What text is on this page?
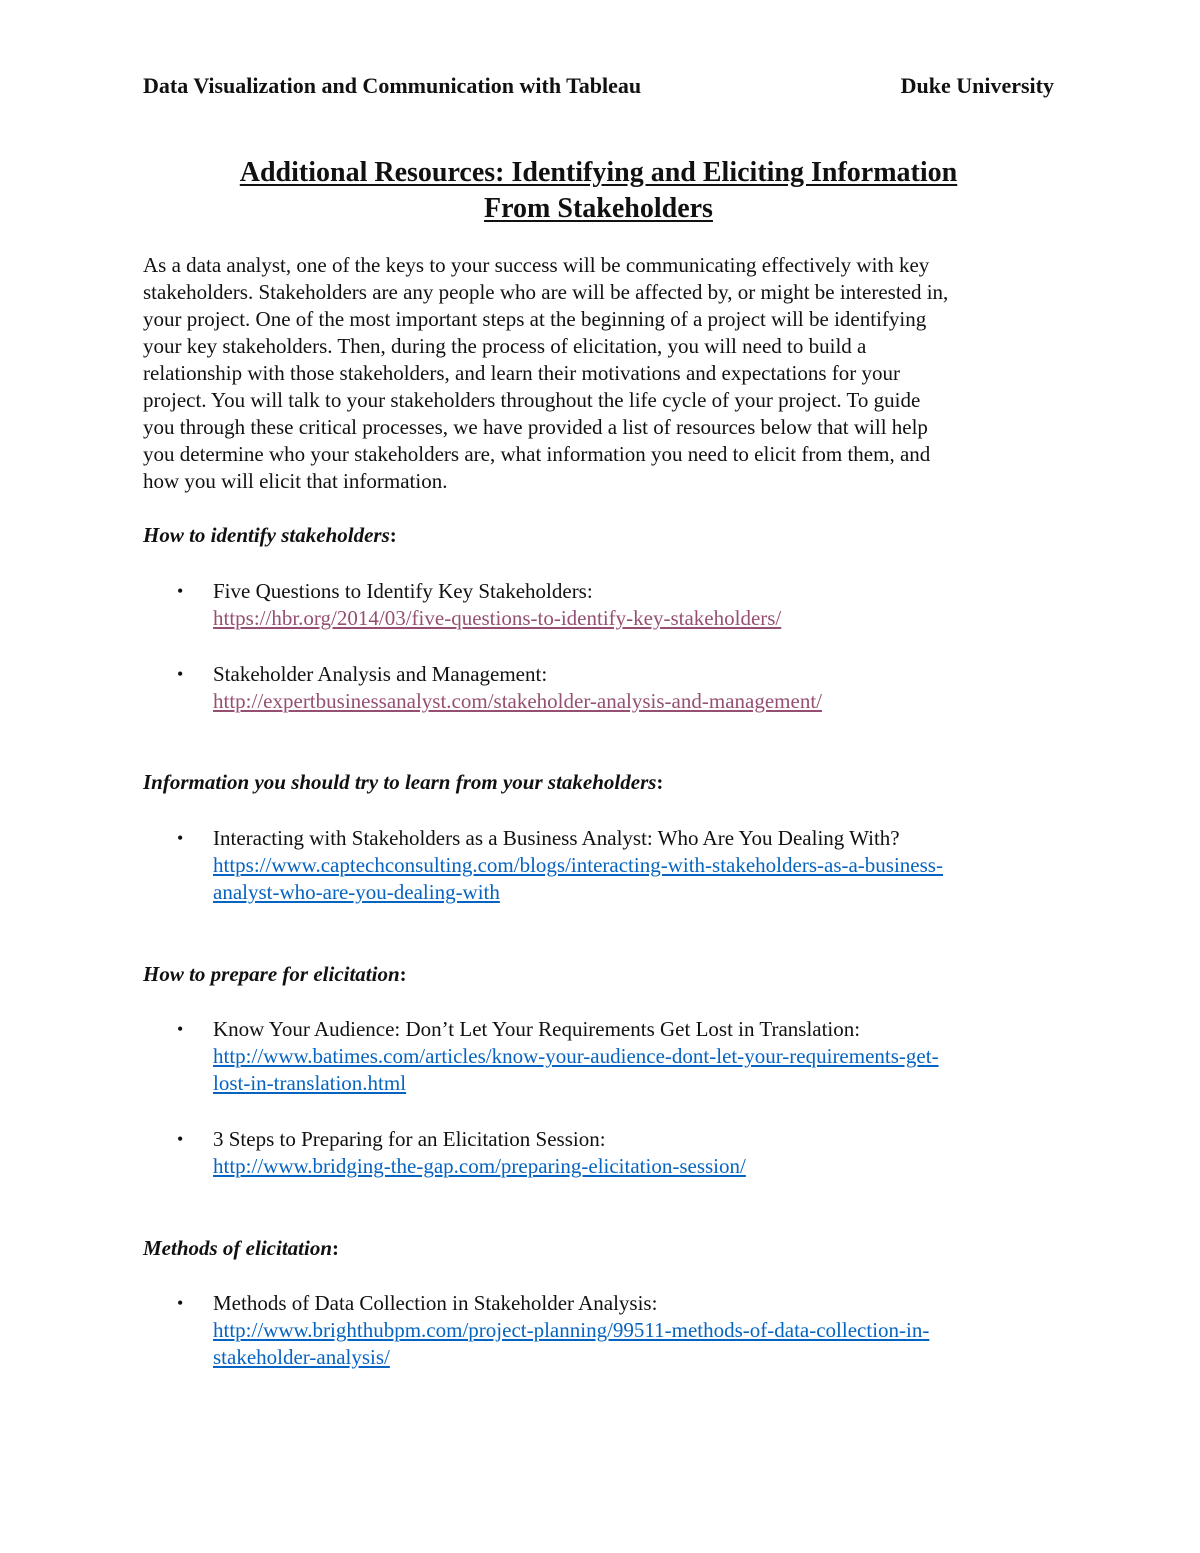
Data Visualization and Communication with Tableau	Duke University
Additional Resources: Identifying and Eliciting Information
From Stakeholders

As a data analyst, one of the keys to your success will be communicating effectively with key
stakeholders. Stakeholders are any people who are will be affected by, or might be interested in,
your project. One of the most important steps at the beginning of a project will be identifying
your key stakeholders. Then, during the process of elicitation, you will need to build a
relationship with those stakeholders, and learn their motivations and expectations for your
project. You will talk to your stakeholders throughout the life cycle of your project. To guide
you through these critical processes, we have provided a list of resources below that will help
you determine who your stakeholders are, what information you need to elicit from them, and
how you will elicit that information.

How to identify stakeholders:

• Five Questions to Identify Key Stakeholders:
https://hbr.org/2014/03/five-questions-to-identify-key-stakeholders/
• Stakeholder Analysis and Management:
http://expertbusinessanalyst.com/stakeholder-analysis-and-management/

Information you should try to learn from your stakeholders:

• Interacting with Stakeholders as a Business Analyst: Who Are You Dealing With?
https://www.captechconsulting.com/blogs/interacting-with-stakeholders-as-a-business-
analyst-who-are-you-dealing-with

How to prepare for elicitation:

• Know Your Audience: Don’t Let Your Requirements Get Lost in Translation:
http://www.batimes.com/articles/know-your-audience-dont-let-your-requirements-get-
lost-in-translation.html
• 3 Steps to Preparing for an Elicitation Session:
http://www.bridging-the-gap.com/preparing-elicitation-session/

Methods of elicitation:

• Methods of Data Collection in Stakeholder Analysis:
http://www.brighthubpm.com/project-planning/99511-methods-of-data-collection-in-
stakeholder-analysis/
